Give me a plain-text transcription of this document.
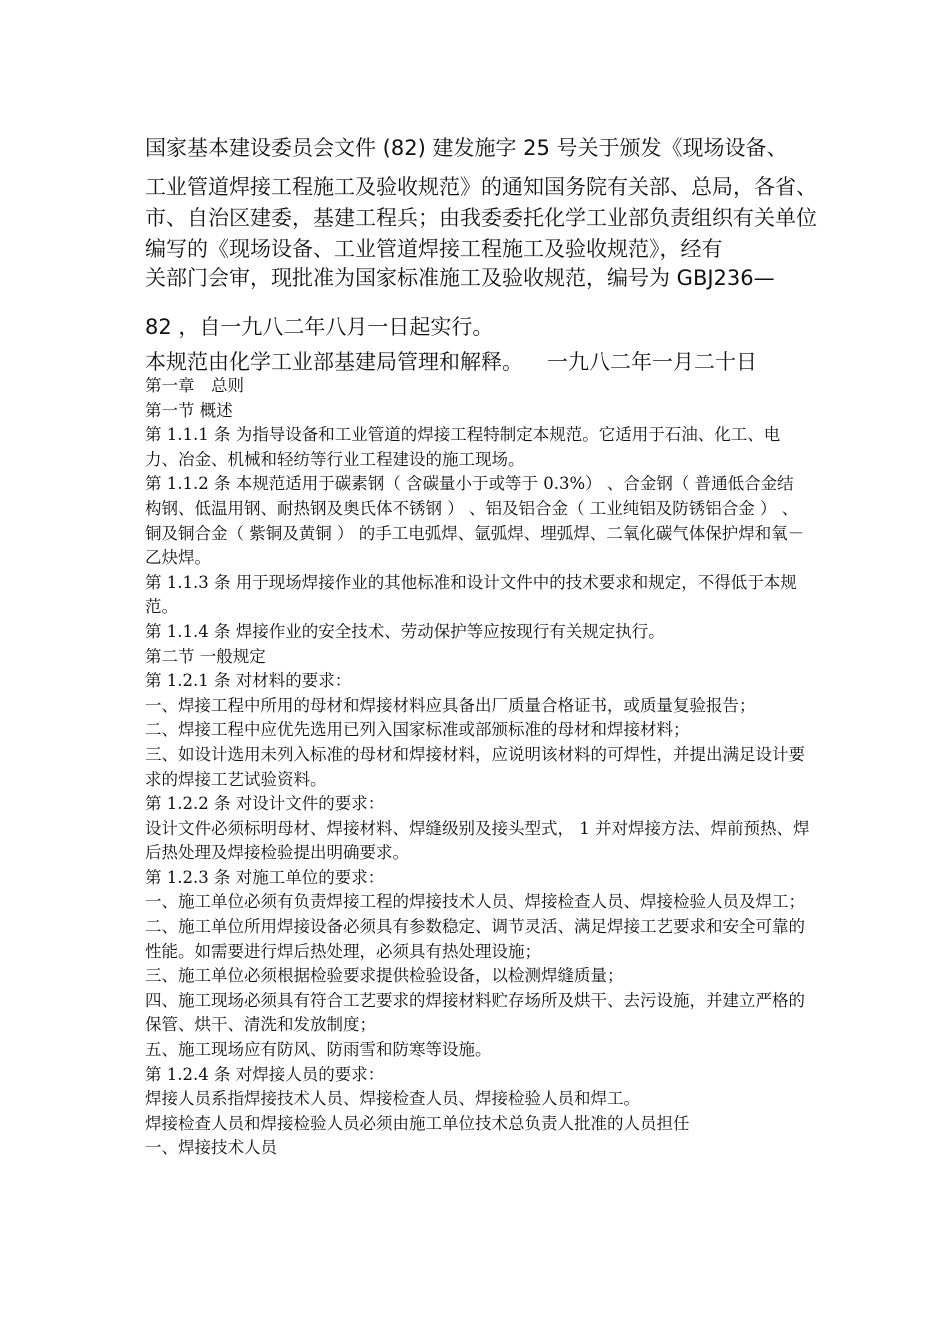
国家基本建设委员会文件 (82) 建发施字 25 号关于颁发《现场设备、
工业管道焊接工程施工及验收规范》的通知国务院有关部、总局，各省、市、自治区建委，基建工程兵；由我委委托化学工业部负责组织有关单位编写的《现场设备、工业管道焊接工程施工及验收规范》，经有
关部门会审，现批准为国家标准施工及验收规范，编号为 GBJ236—
82 ，自一九八二年八月一日起实行。
本规范由化学工业部基建局管理和解释。 一九八二年一月二十日

第一章　总则

第一节 概述

第 1.1.1 条 为指导设备和工业管道的焊接工程特制定本规范。它适用于石油、化工、电力、冶金、机械和轻纺等行业工程建设的施工现场。

第 1.1.2 条 本规范适用于碳素钢（ 含碳量小于或等于 0.3%） 、合金钢（ 普通低合金结构钢、低温用钢、耐热钢及奥氏体不锈钢 ） 、铝及铝合金（ 工业纯铝及防锈铝合金 ） 、铜及铜合金（ 紫铜及黄铜 ） 的手工电弧焊、氩弧焊、埋弧焊、二氧化碳气体保护焊和氧－乙炔焊。

第 1.1.3 条 用于现场焊接作业的其他标准和设计文件中的技术要求和规定，不得低于本规范。

第 1.1.4 条 焊接作业的安全技术、劳动保护等应按现行有关规定执行。

第二节 一般规定

第 1.2.1 条 对材料的要求：

一、焊接工程中所用的母材和焊接材料应具备出厂质量合格证书，或质量复验报告；

二、焊接工程中应优先选用已列入国家标准或部颁标准的母材和焊接材料；

三、如设计选用未列入标准的母材和焊接材料，应说明该材料的可焊性，并提出满足设计要求的焊接工艺试验资料。

第 1.2.2 条 对设计文件的要求：

设计文件必须标明母材、焊接材料、焊缝级别及接头型式， 1 并对焊接方法、焊前预热、焊后热处理及焊接检验提出明确要求。

第 1.2.3 条 对施工单位的要求：

一、施工单位必须有负责焊接工程的焊接技术人员、焊接检查人员、焊接检验人员及焊工；

二、施工单位所用焊接设备必须具有参数稳定、调节灵活、满足焊接工艺要求和安全可靠的性能。如需要进行焊后热处理，必须具有热处理设施；

三、施工单位必须根据检验要求提供检验设备，以检测焊缝质量；

四、施工现场必须具有符合工艺要求的焊接材料贮存场所及烘干、去污设施，并建立严格的保管、烘干、清洗和发放制度；

五、施工现场应有防风、防雨雪和防寒等设施。

第 1.2.4 条 对焊接人员的要求：

焊接人员系指焊接技术人员、焊接检查人员、焊接检验人员和焊工。

焊接检查人员和焊接检验人员必须由施工单位技术总负责人批准的人员担任

一、焊接技术人员
